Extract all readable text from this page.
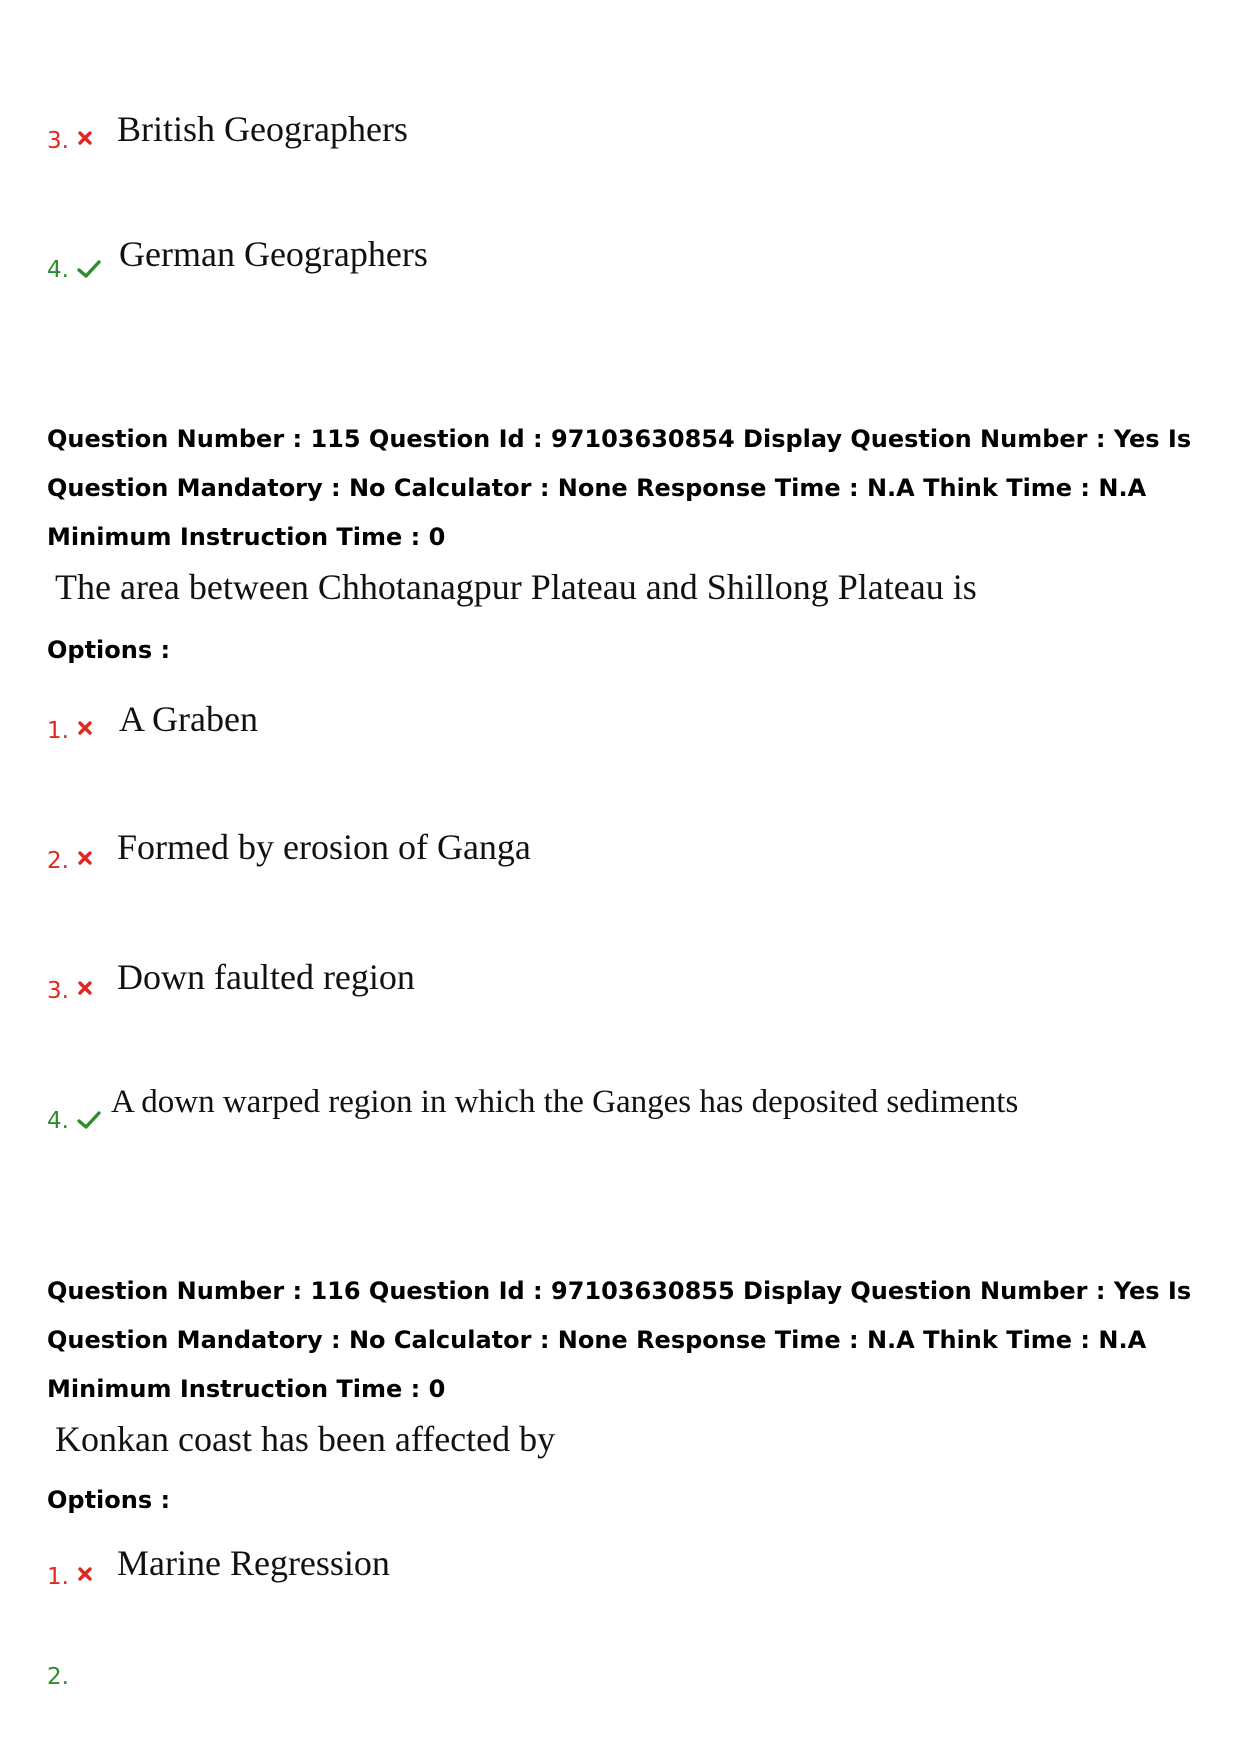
3. British Geographers
4. German Geographers

Question Number : 115 Question Id : 97103630854 Display Question Number : Yes Is Question Mandatory : No Calculator : None Response Time : N.A Think Time : N.A Minimum Instruction Time : 0

The area between Chhotanagpur Plateau and Shillong Plateau is

Options :

1. A Graben
2. Formed by erosion of Ganga
3. Down faulted region
4.
A down warped region in which the Ganges has deposited sediments

Question Number : 116 Question Id : 97103630855 Display Question Number : Yes Is Question Mandatory : No Calculator : None Response Time : N.A Think Time : N.A Minimum Instruction Time : 0

Konkan coast has been affected by

Options :

1. Marine Regression
2.
